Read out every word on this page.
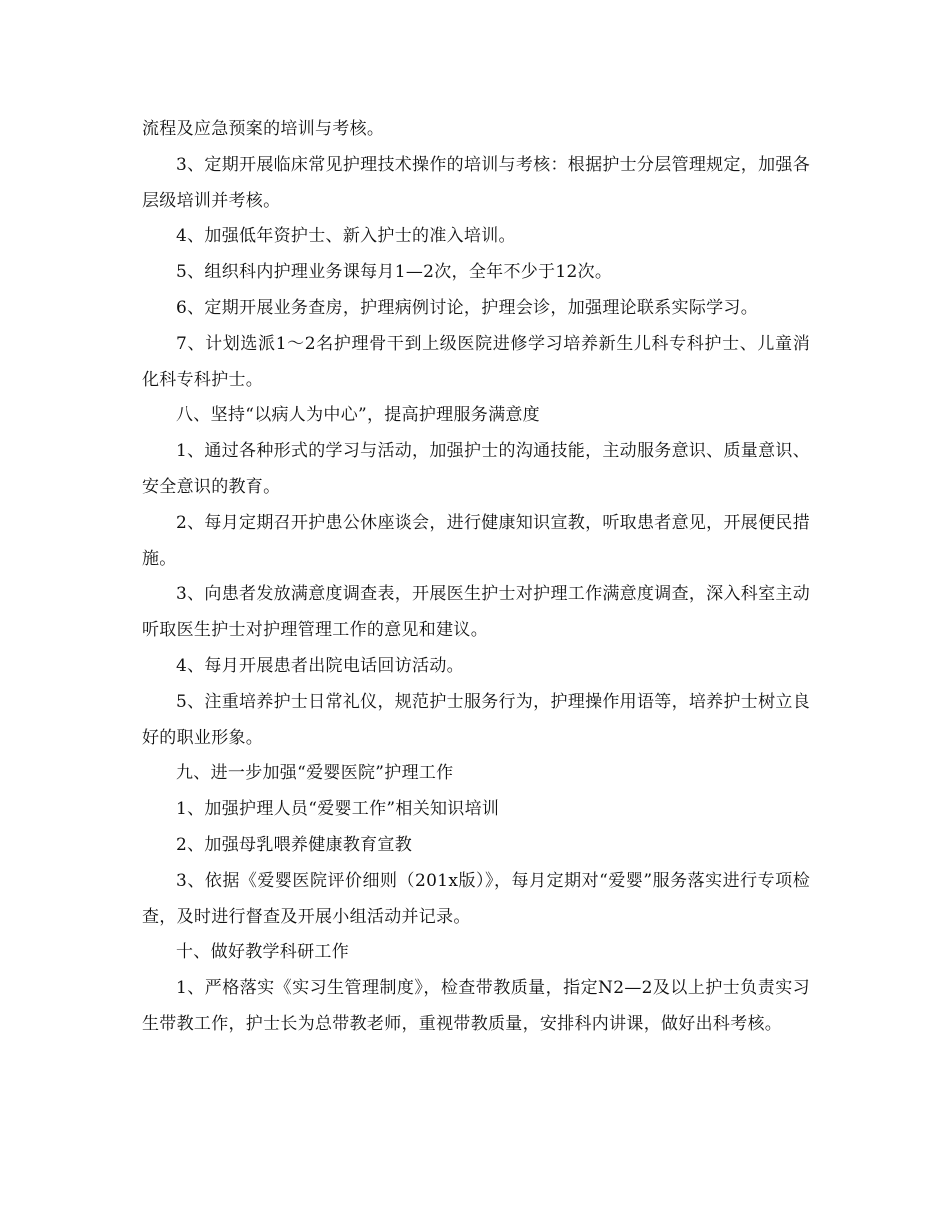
流程及应急预案的培训与考核。

3、定期开展临床常见护理技术操作的培训与考核：根据护士分层管理规定，加强各层级培训并考核。

4、加强低年资护士、新入护士的准入培训。

5、组织科内护理业务课每月1—2次，全年不少于12次。

6、定期开展业务查房，护理病例讨论，护理会诊，加强理论联系实际学习。

7、计划选派1～2名护理骨干到上级医院进修学习培养新生儿科专科护士、儿童消化科专科护士。

八、坚持“以病人为中心”，提高护理服务满意度

1、通过各种形式的学习与活动，加强护士的沟通技能，主动服务意识、质量意识、安全意识的教育。

2、每月定期召开护患公休座谈会，进行健康知识宣教，听取患者意见，开展便民措施。

3、向患者发放满意度调查表，开展医生护士对护理工作满意度调查，深入科室主动听取医生护士对护理管理工作的意见和建议。

4、每月开展患者出院电话回访活动。

5、注重培养护士日常礼仪，规范护士服务行为，护理操作用语等，培养护士树立良好的职业形象。

九、进一步加强“爱婴医院”护理工作

1、加强护理人员“爱婴工作”相关知识培训

2、加强母乳喂养健康教育宣教

3、依据《爱婴医院评价细则（201x版）》，每月定期对“爱婴”服务落实进行专项检查，及时进行督查及开展小组活动并记录。

十、做好教学科研工作

1、严格落实《实习生管理制度》，检查带教质量，指定N2—2及以上护士负责实习生带教工作，护士长为总带教老师，重视带教质量，安排科内讲课，做好出科考核。
